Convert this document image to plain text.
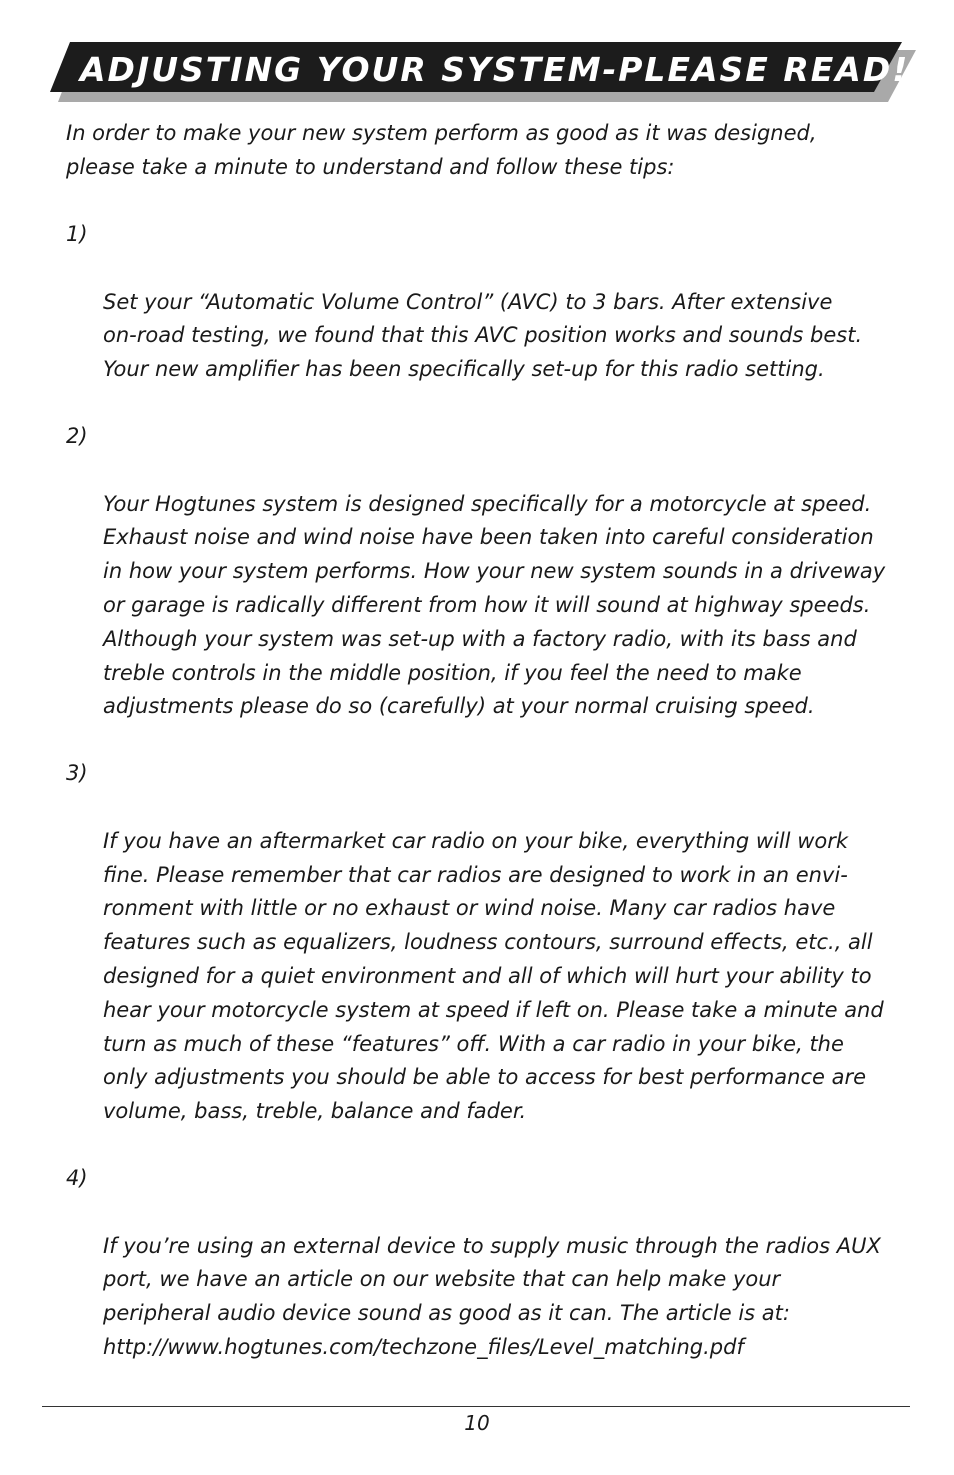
ADJUSTING YOUR SYSTEM-PLEASE READ!

In order to make your new system perform as good as it was designed,
please take a minute to understand and follow these tips:

1)

Set your “Automatic Volume Control” (AVC) to 3 bars. After extensive
on-road testing, we found that this AVC position works and sounds best.
Your new amplifier has been specifically set-up for this radio setting.

2)

Your Hogtunes system is designed specifically for a motorcycle at speed.
Exhaust noise and wind noise have been taken into careful consideration
in how your system performs. How your new system sounds in a driveway
or garage is radically different from how it will sound at highway speeds.
Although your system was set-up with a factory radio, with its bass and
treble controls in the middle position, if you feel the need to make
adjustments please do so (carefully) at your normal cruising speed.

3)

If you have an aftermarket car radio on your bike, everything will work
fine. Please remember that car radios are designed to work in an envi-
ronment with little or no exhaust or wind noise. Many car radios have
features such as equalizers, loudness contours, surround effects, etc., all
designed for a quiet environment and all of which will hurt your ability to
hear your motorcycle system at speed if left on. Please take a minute and
turn as much of these “features” off. With a car radio in your bike, the
only adjustments you should be able to access for best performance are
volume, bass, treble, balance and fader.

4)

If you’re using an external device to supply music through the radios AUX
port, we have an article on our website that can help make your
peripheral audio device sound as good as it can. The article is at:
http://www.hogtunes.com/techzone_files/Level_matching.pdf

10
